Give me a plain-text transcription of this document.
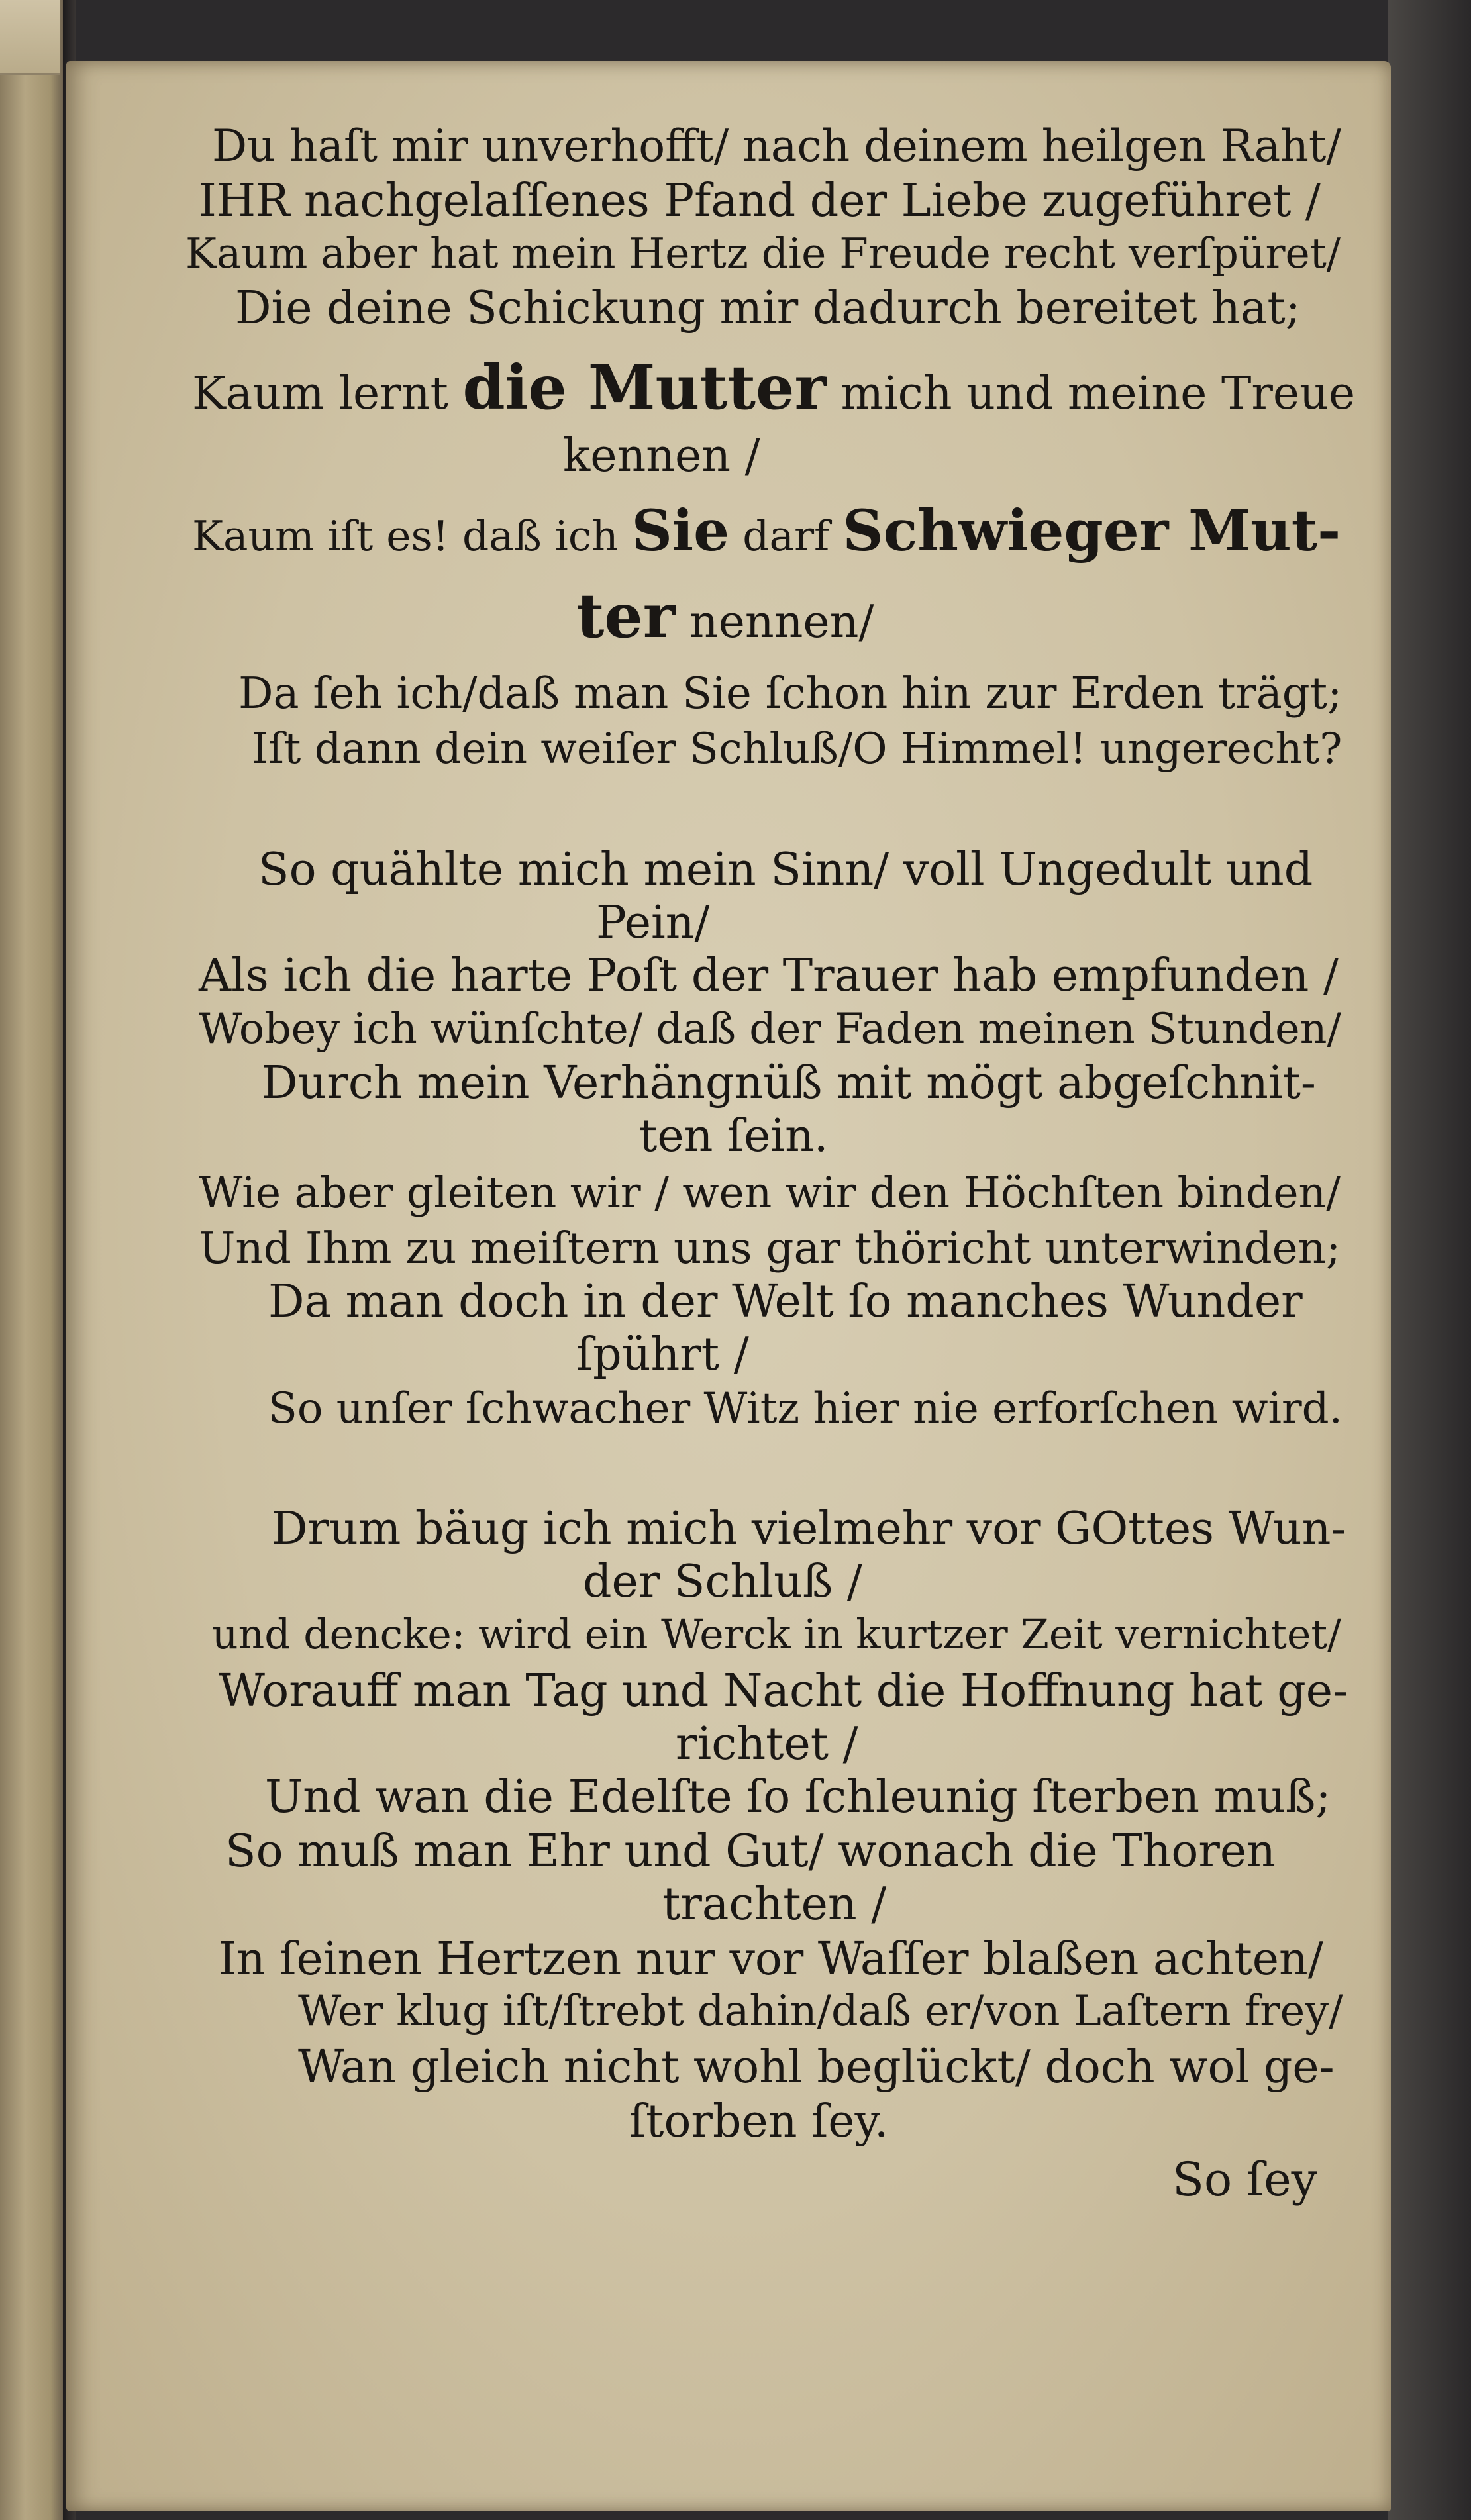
Du haſt mir unverhofft/ nach deinem heilgen Raht/
IHR nachgelaſſenes Pfand der Liebe zugeführet /
Kaum aber hat mein Hertz die Freude recht verſpüret/
Die deine Schickung mir dadurch bereitet hat;
Kaum lernt die Mutter mich und meine Treue
kennen /
Kaum iſt es! daß ich Sie darf Schwieger Mut-
ter nennen/
Da ſeh ich/daß man Sie ſchon hin zur Erden trägt;
Iſt dann dein weiſer Schluß/O Himmel! ungerecht?
So quählte mich mein Sinn/ voll Ungedult und
Pein/
Als ich die harte Poſt der Trauer hab empfunden /
Wobey ich wünſchte/ daß der Faden meinen Stunden/
Durch mein Verhängnüß mit mögt abgeſchnit-
ten ſein.
Wie aber gleiten wir / wen wir den Höchſten binden/
Und Ihm zu meiſtern uns gar thöricht unterwinden;
Da man doch in der Welt ſo manches Wunder
ſpührt /
So unſer ſchwacher Witz hier nie erforſchen wird.
Drum bäug ich mich vielmehr vor GOttes Wun-
der Schluß /
und dencke: wird ein Werck in kurtzer Zeit vernichtet/
Worauff man Tag und Nacht die Hoffnung hat ge-
richtet /
Und wan die Edelſte ſo ſchleunig ſterben muß;
So muß man Ehr und Gut/ wonach die Thoren
trachten /
In ſeinen Hertzen nur vor Waſſer blaßen achten/
Wer klug iſt/ſtrebt dahin/daß er/von Laſtern frey/
Wan gleich nicht wohl beglückt/ doch wol ge-
ſtorben ſey.
So ſey
